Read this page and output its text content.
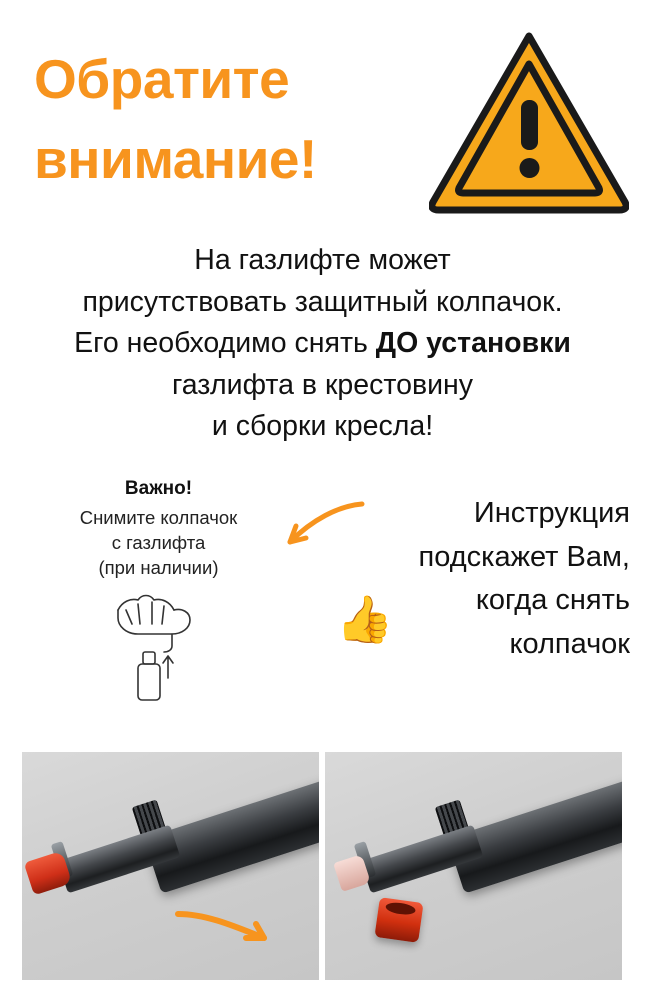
Обратите
внимание!
На газлифте может
присутствовать защитный колпачок.
Его необходимо снять ДО установки
газлифта в крестовину
и сборки кресла!
Важно!
Снимите колпачок
с газлифта
(при наличии)
Инструкция
подскажет Вам,
когда снять
колпачок
👍
